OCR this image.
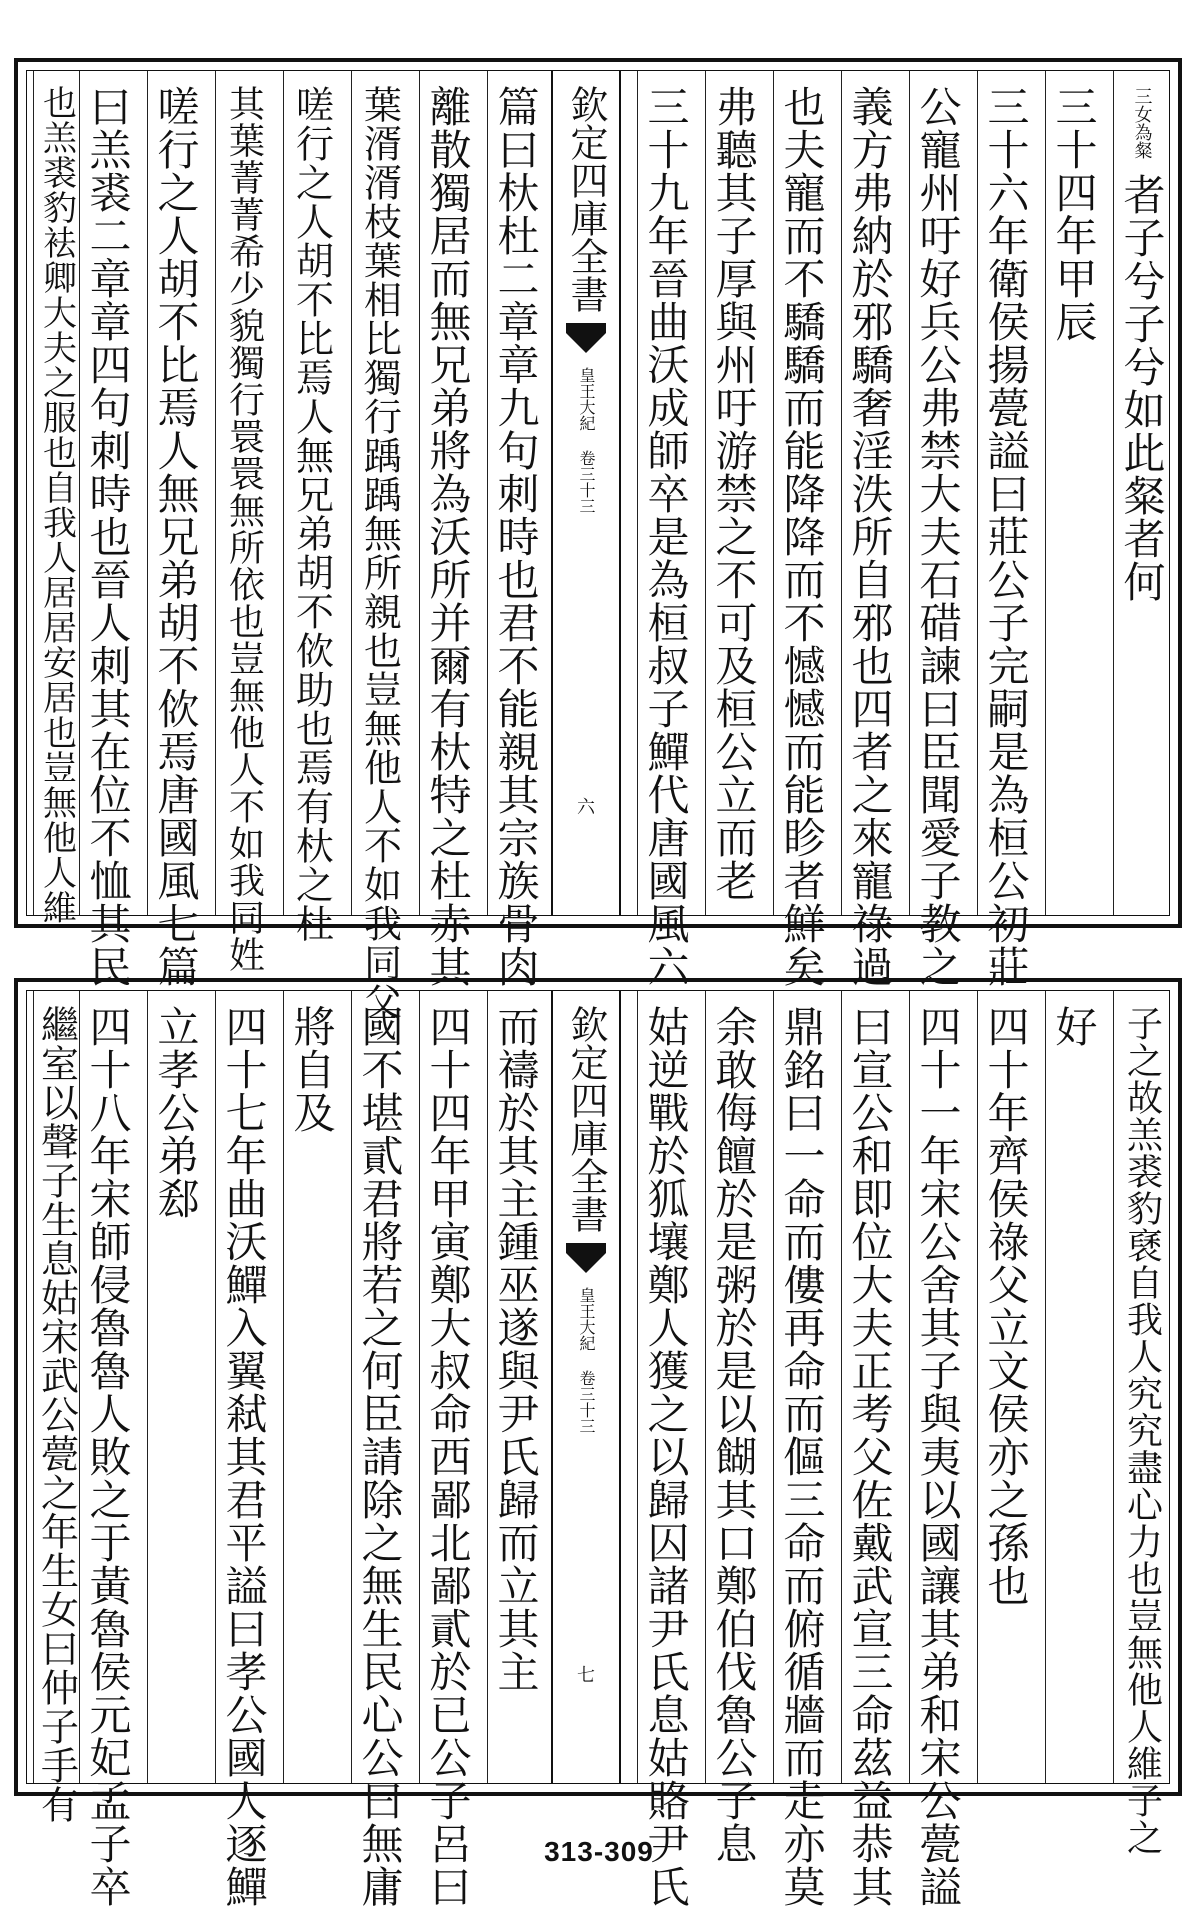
三女為粲
者子兮子兮如此粲者何
三十四年甲辰
三十六年衛侯揚甍謚曰莊公子完嗣是為桓公初莊
公寵州吁好兵公弗禁大夫石碏諫曰臣聞愛子教之
義方弗納於邪驕奢淫泆所自邪也四者之來寵祿過
也夫寵而不驕驕而能降降而不憾憾而能眕者鮮矣
弗聽其子厚與州吁游禁之不可及桓公立而老
三十九年晉曲沃成師卒是為桓叔子鱓代唐國風六
欽定四庫全書
皇王大紀 卷三十三
六
篇曰杕杜二章章九句刺時也君不能親其宗族骨肉
離散獨居而無兄弟將為沃所并爾有杕特之杜赤其
葉湑湑枝葉相比獨行踽踽無所親也豈無他人不如我同父
嗟行之人胡不比焉人無兄弟胡不佽助也焉有杕之杜
其葉菁菁希少貌獨行睘睘無所依也豈無他人不如我同姓
嗟行之人胡不比焉人無兄弟胡不佽焉唐國風七篇
曰羔裘二章章四句刺時也晉人刺其在位不恤其民
也羔裘豹袪卿大夫之服也自我人居居安居也豈無他人維
子之故羔裘豹褎自我人究究盡心力也豈無他人維子之
好
四十年齊侯祿父立文侯亦之孫也
四十一年宋公舍其子與夷以國讓其弟和宋公甍謚
曰宣公和即位大夫正考父佐戴武宣三命茲益恭其
鼎銘曰一命而僂再命而傴三命而俯循牆而走亦莫
余敢侮饘於是粥於是以餬其口鄭伯伐魯公子息
姑逆戰於狐壤鄭人獲之以歸囚諸尹氏息姑賂尹氏
欽定四庫全書
皇王大紀 卷三十三
七
而禱於其主鍾巫遂與尹氏歸而立其主
四十四年甲寅鄭大叔命西鄙北鄙貳於已公子呂曰
國不堪貳君將若之何臣請除之無生民心公曰無庸
將自及
四十七年曲沃鱓入翼弒其君平謚曰孝公國人逐鱓
立孝公弟郄
四十八年宋師侵魯魯人敗之于黃魯侯元妃孟子卒
繼室以聲子生息姑宋武公甍之年生女曰仲子手有
313-309
